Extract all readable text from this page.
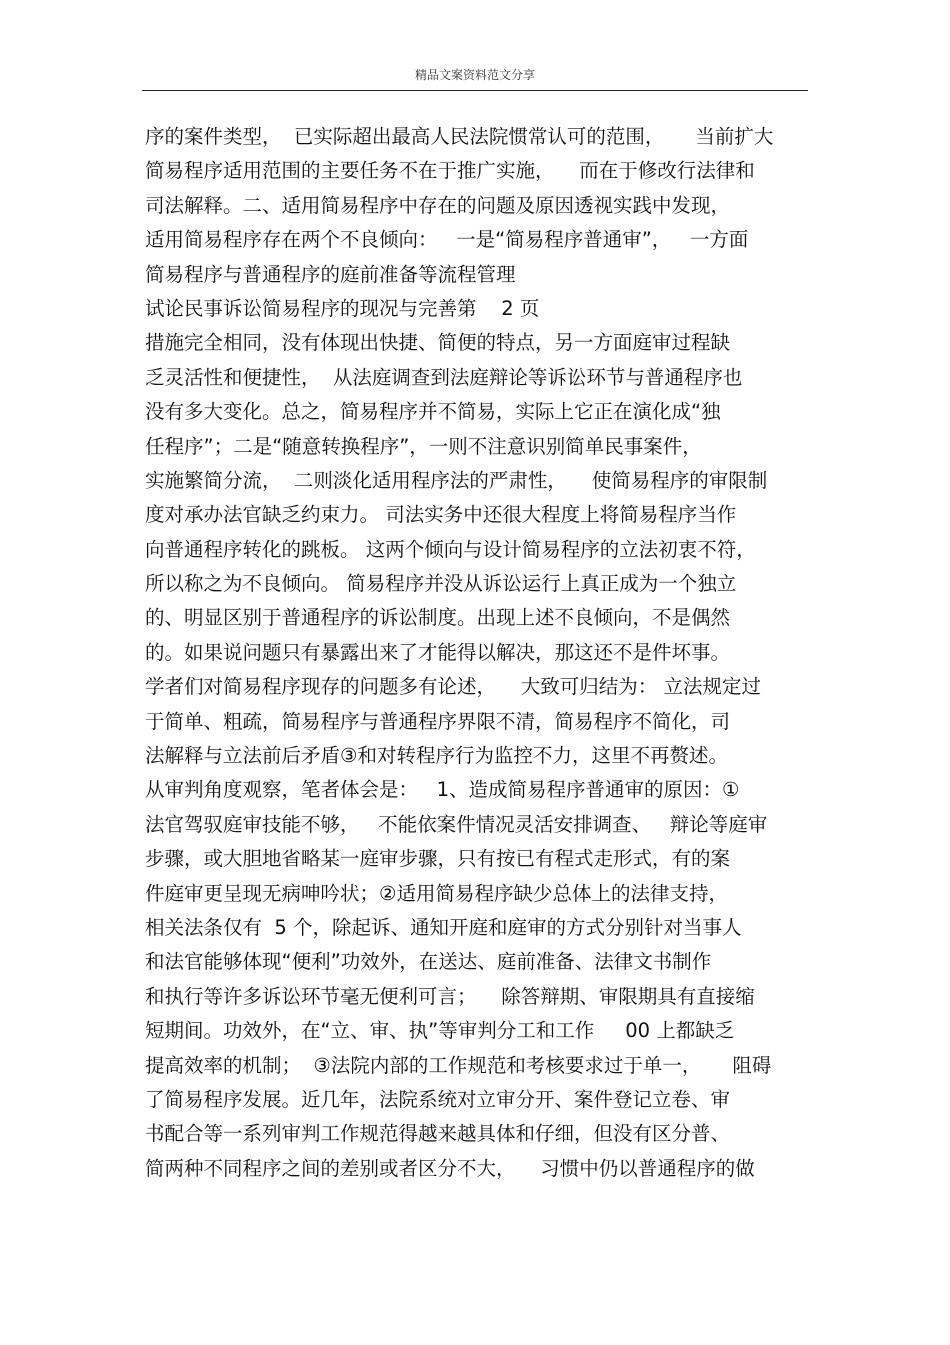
精品文案资料范文分享
序的案件类型，  已实际超出最高人民法院惯常认可的范围，     当前扩大
简易程序适用范围的主要任务不在于推广实施，    而在于修改行法律和
司法解释。二、适用简易程序中存在的问题及原因透视实践中发现，
适用简易程序存在两个不良倾向：   一是“简易程序普通审”，   一方面
简易程序与普通程序的庭前准备等流程管理
试论民事诉讼简易程序的现况与完善第    2 页
措施完全相同，没有体现出快捷、简便的特点，另一方面庭审过程缺
乏灵活性和便捷性，  从法庭调查到法庭辩论等诉讼环节与普通程序也
没有多大变化。总之，简易程序并不简易，实际上它正在演化成“独
任程序”；二是“随意转换程序”，一则不注意识别简单民事案件，
实施繁简分流，  二则淡化适用程序法的严肃性，    使简易程序的审限制
度对承办法官缺乏约束力。 司法实务中还很大程度上将简易程序当作
向普通程序转化的跳板。 这两个倾向与设计简易程序的立法初衷不符，
所以称之为不良倾向。 简易程序并没从诉讼运行上真正成为一个独立
的、明显区别于普通程序的诉讼制度。出现上述不良倾向，不是偶然
的。如果说问题只有暴露出来了才能得以解决，那这还不是件坏事。
学者们对简易程序现存的问题多有论述，    大致可归结为： 立法规定过
于简单、粗疏，简易程序与普通程序界限不清，简易程序不简化，司
法解释与立法前后矛盾③和对转程序行为监控不力，这里不再赘述。
从审判角度观察，笔者体会是：   1、造成简易程序普通审的原因：①
法官驾驭庭审技能不够，   不能依案件情况灵活安排调查、   辩论等庭审
步骤，或大胆地省略某一庭审步骤，只有按已有程式走形式，有的案
件庭审更呈现无病呻吟状；②适用简易程序缺少总体上的法律支持，
相关法条仅有  5 个，除起诉、通知开庭和庭审的方式分别针对当事人
和法官能够体现“便利”功效外，在送达、庭前准备、法律文书制作
和执行等许多诉讼环节毫无便利可言；    除答辩期、审限期具有直接缩
短期间。功效外，在“立、审、执”等审判分工和工作     00 上都缺乏
提高效率的机制；  ③法院内部的工作规范和考核要求过于单一，     阻碍
了简易程序发展。近几年，法院系统对立审分开、案件登记立卷、审
书配合等一系列审判工作规范得越来越具体和仔细，但没有区分普、
简两种不同程序之间的差别或者区分不大，    习惯中仍以普通程序的做
